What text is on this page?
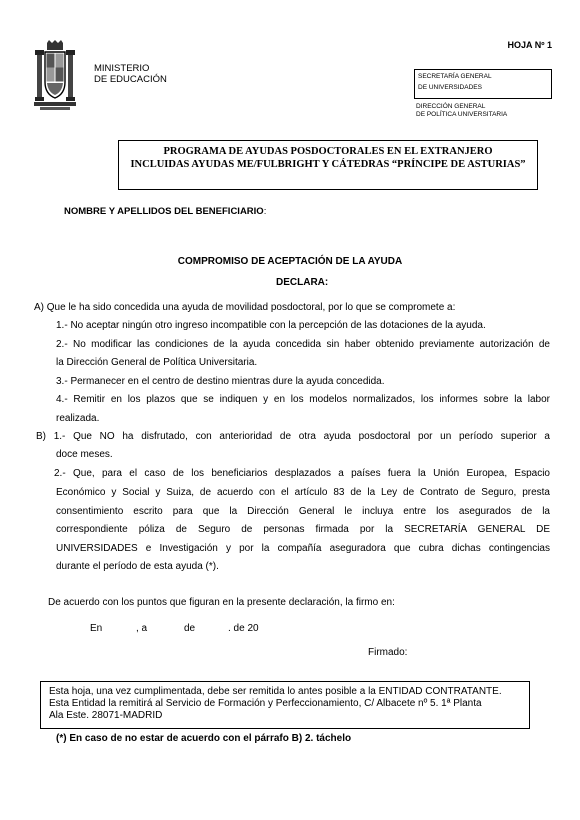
HOJA Nº 1
MINISTERIO
DE EDUCACIÓN	SECRETARÍA GENERAL
DE UNIVERSIDADES
DIRECCIÓN GENERAL
DE POLÍTICA UNIVERSITARIA
PROGRAMA DE AYUDAS POSDOCTORALES EN EL EXTRANJERO
INCLUIDAS AYUDAS ME/FULBRIGHT Y CÁTEDRAS “PRÍNCIPE DE ASTURIAS”
NOMBRE Y APELLIDOS DEL BENEFICIARIO:
COMPROMISO DE ACEPTACIÓN DE LA AYUDA
DECLARA:
A) Que le ha sido concedida una ayuda de movilidad posdoctoral, por lo que se compromete a:
1.- No aceptar ningún otro ingreso incompatible con la percepción de las dotaciones de la ayuda.
2.- No modificar las condiciones de la ayuda concedida sin haber obtenido previamente autorización de
la Dirección General de Política Universitaria.
3.- Permanecer en el centro de destino mientras dure la ayuda concedida.
4.- Remitir en los plazos que se indiquen y en los modelos normalizados, los informes sobre la labor
realizada.
B) 1.- Que NO ha disfrutado, con anterioridad de otra ayuda posdoctoral por un período superior a
doce meses.
2.- Que, para el caso de los beneficiarios desplazados a países fuera la Unión Europea, Espacio
Económico y Social y Suiza, de acuerdo con el artículo 83 de la Ley de Contrato de Seguro, presta
consentimiento escrito para que la Dirección General le incluya entre los asegurados de la
correspondiente póliza de Seguro de personas firmada por la SECRETARÍA GENERAL DE
UNIVERSIDADES e Investigación y por la compañía aseguradora que cubra dichas contingencias
durante el período de esta ayuda (*).
De acuerdo con los puntos que figuran en la presente declaración, la firmo en:
En	, a	de	. de 20
Firmado:
Esta hoja, una vez cumplimentada, debe ser remitida lo antes posible a la ENTIDAD CONTRATANTE.
Esta Entidad la remitirá al Servicio de Formación y Perfeccionamiento, C/ Albacete nº 5. 1ª Planta
Ala Este. 28071-MADRID
(*) En caso de no estar de acuerdo con el párrafo B) 2. táchelo
